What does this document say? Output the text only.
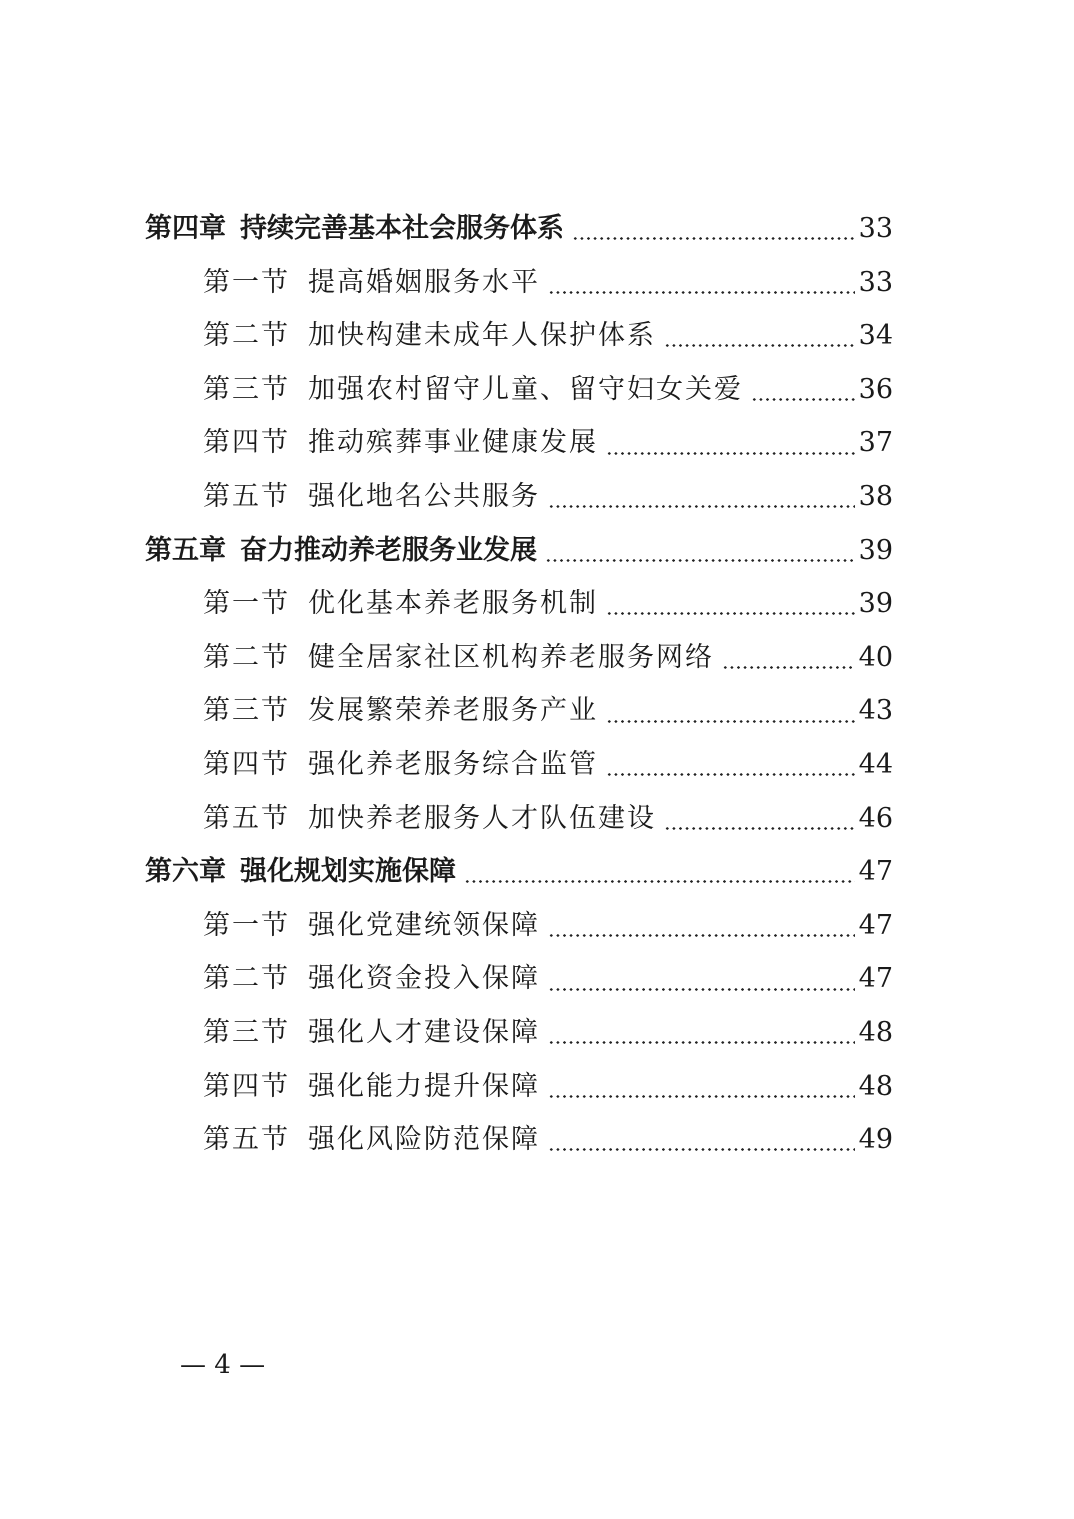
第四章 持续完善基本社会服务体系	33
第一节 提高婚姻服务水平	33
第二节 加快构建未成年人保护体系	34
第三节 加强农村留守儿童、留守妇女关爱	36
第四节 推动殡葬事业健康发展	37
第五节 强化地名公共服务	38
第五章 奋力推动养老服务业发展	39
第一节 优化基本养老服务机制	39
第二节 健全居家社区机构养老服务网络	40
第三节 发展繁荣养老服务产业	43
第四节 强化养老服务综合监管	44
第五节 加快养老服务人才队伍建设	46
第六章 强化规划实施保障	47
第一节 强化党建统领保障	47
第二节 强化资金投入保障	47
第三节 强化人才建设保障	48
第四节 强化能力提升保障	48
第五节 强化风险防范保障	49
— 4 —
